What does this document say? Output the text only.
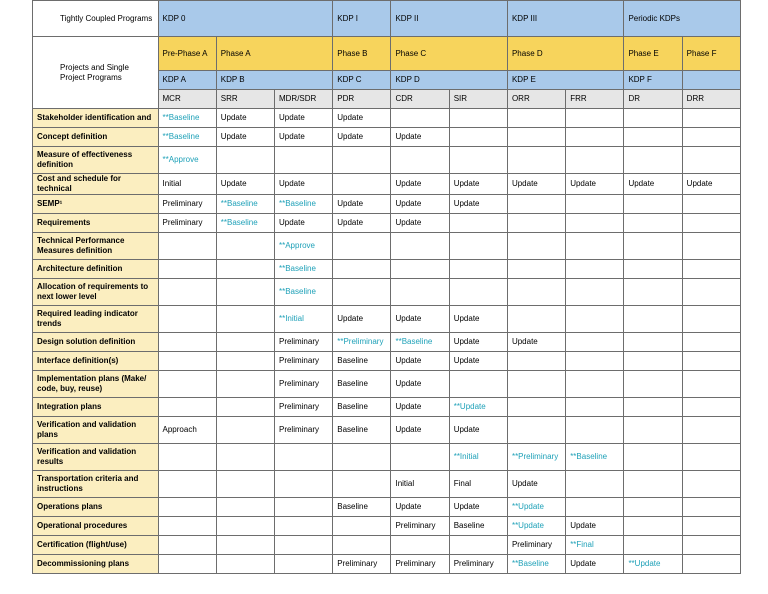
Tightly Coupled Programs	KDP 0			KDP I	KDP II		KDP III		Periodic KDPs	
Projects and Single Project Programs	Pre-Phase A	Phase A		Phase B	Phase C		Phase D		Phase E	Phase F
	KDP A	KDP B		KDP C	KDP D		KDP E		KDP F	
	MCR	SRR	MDR/SDR	PDR	CDR	SIR	ORR	FRR	DR	DRR
Stakeholder identification and	**Baseline	Update	Update	Update						
Concept definition	**Baseline	Update	Update	Update	Update					
Measure of effectiveness definition	**Approve									
Cost and schedule for technical	Initial	Update	Update		Update	Update	Update	Update	Update	Update
SEMP¹	Preliminary	**Baseline	**Baseline	Update	Update	Update				
Requirements	Preliminary	**Baseline	Update	Update	Update					
Technical Performance Measures definition			**Approve							
Architecture definition			**Baseline							
Allocation of requirements to next lower level			**Baseline							
Required leading indicator trends			**Initial	Update	Update	Update				
Design solution definition			Preliminary	**Preliminary	**Baseline	Update	Update			
Interface definition(s)			Preliminary	Baseline	Update	Update				
Implementation plans (Make/ code, buy, reuse)			Preliminary	Baseline	Update					
Integration plans			Preliminary	Baseline	Update	**Update				
Verification and validation plans	Approach		Preliminary	Baseline	Update	Update				
Verification and validation results						**Initial	**Preliminary	**Baseline		
Transportation criteria and instructions					Initial	Final	Update			
Operations plans				Baseline	Update	Update	**Update			
Operational procedures					Preliminary	Baseline	**Update	Update		
Certification (flight/use)							Preliminary	**Final		
Decommissioning plans				Preliminary	Preliminary	Preliminary	**Baseline	Update	**Update	
